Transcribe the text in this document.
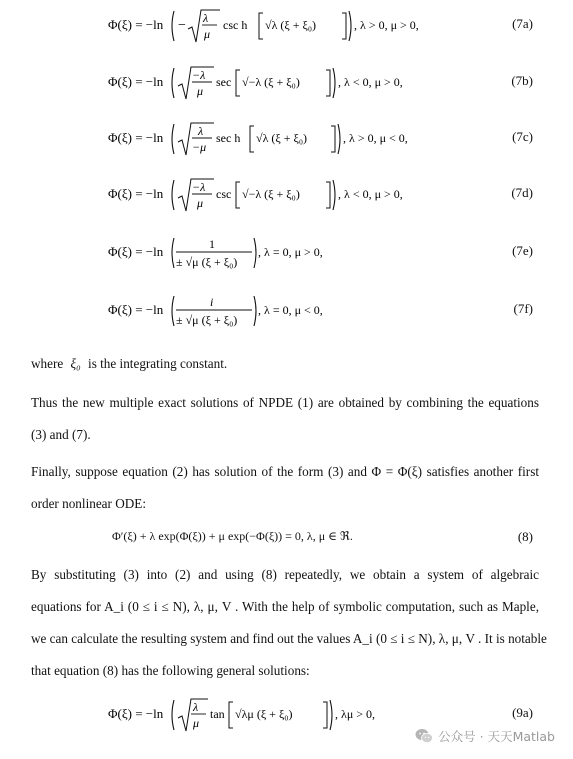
Φ(ξ) = −ln − λ
μ
csc h √λ (ξ + ξ₀)	, λ > 0, μ > 0,	(7a)
Φ(ξ) = −ln −λ
μ
sec √−λ (ξ + ξ₀)	, λ < 0, μ > 0,	(7b)
Φ(ξ) = −ln	λ
−μ
sec h √λ (ξ + ξ₀)	, λ > 0, μ < 0,	(7c)
Φ(ξ) = −ln −λ
μ
csc √−λ (ξ + ξ₀)	, λ < 0, μ > 0,	(7d)
Φ(ξ) = −ln	1
± √μ (ξ + ξ₀)
, λ = 0, μ > 0,	(7e)
Φ(ξ) = −ln	i
± √μ (ξ + ξ₀)
, λ = 0, μ < 0,	(7f)
where ξ₀ is the integrating constant.
Thus the new multiple exact solutions of NPDE (1) are obtained by combining the equations
(3) and (7).
Finally, suppose equation (2) has solution of the form (3) and Φ = Φ(ξ) satisfies another first
order nonlinear ODE:
Φ′(ξ) + λ exp(Φ(ξ)) + μ exp(−Φ(ξ)) = 0, λ, μ ∈ ℜ.	(8)
By substituting (3) into (2) and using (8) repeatedly, we obtain a system of algebraic
equations for A_i (0 ≤ i ≤ N), λ, μ, V . With the help of symbolic computation, such as Maple,
we can calculate the resulting system and find out the values A_i (0 ≤ i ≤ N), λ, μ, V . It is notable
that equation (8) has the following general solutions:
Φ(ξ) = −ln λ
μ
tan √λμ (ξ + ξ₀)	, λμ > 0,	(9a)
公众号 · 天天Matlab
